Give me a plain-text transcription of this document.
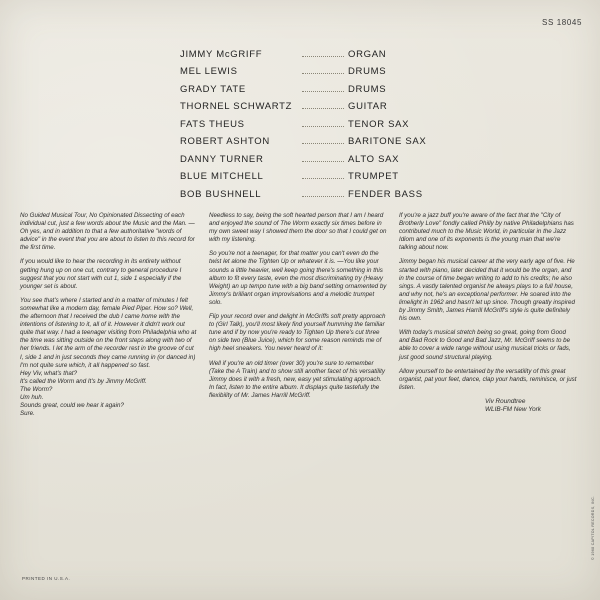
SS 18045
JIMMY McGRIFF	ORGAN
MEL LEWIS	DRUMS
GRADY TATE	DRUMS
THORNEL SCHWARTZ	GUITAR
FATS THEUS	TENOR SAX
ROBERT ASHTON	BARITONE SAX
DANNY TURNER	ALTO SAX
BLUE MITCHELL	TRUMPET
BOB BUSHNELL	FENDER BASS

No Guided Musical Tour, No Opinionated Dissecting of each individual cut, just a few words about the Music and the Man. — Oh yes, and in addition to that a few authoritative "words of advice" in the event that you are about to listen to this record for the first time.

If you would like to hear the recording in its entirety without getting hung up on one cut, contrary to general procedure I suggest that you not start with cut 1, side 1 especially if the younger set is about.

You see that's where I started and in a matter of minutes I felt somewhat like a modern day, female Pied Piper. How so? Well, the afternoon that I received the dub I came home with the intentions of listening to it, all of it. However it didn't work out quite that way. I had a teenager visiting from Philadelphia who at the time was sitting outside on the front steps along with two of her friends. I let the arm of the recorder rest in the groove of cut I, side 1 and in just seconds they came running in (or danced in) I'm not quite sure which, it all happened so fast.

Hey Viv, what's that?
It's called the Worm and It's by Jimmy McGriff.
The Worm?
Um huh.
Sounds great, could we hear it again?
Sure.

Needless to say, being the soft hearted person that I am I heard and enjoyed the sound of The Worm exactly six times before in my own sweet way I showed them the door so that I could get on with my listening.

So you're not a teenager, for that matter you can't even do the twist let alone the Tighten Up or whatever it is. —You like your sounds a little heavier, well keep going there's something in this album to fit every taste, even the most discriminating try (Heavy Weight) an up tempo tune with a big band setting ornamented by Jimmy's brilliant organ improvisations and a melodic trumpet solo.

Flip your record over and delight in McGriffs soft pretty approach to (Girl Talk), you'll most likely find yourself humming the familiar tune and if by now you're ready to Tighten Up there's cut three on side two (Blue Juice), which for some reason reminds me of high heel sneakers. You never heard of it:

Well if you're an old timer (over 30) you're sure to remember (Take the A Train) and to show still another facet of his versatility Jimmy does it with a fresh, new, easy yet stimulating approach. In fact, listen to the entire album. It displays quite tastefully the flexibility of Mr. James Harrill McGriff.

If you're a jazz buff you're aware of the fact that the "City of Brotherly Love" fondly called Philly by native Philadelphians has contributed much to the Music World, in particular in the Jazz Idiom and one of its exponents is the young man that we're talking about now.

Jimmy began his musical career at the very early age of five. He started with piano, later decided that it would be the organ, and in the course of time began writing to add to his credits; he also sings. A vastly talented organist he always plays to a full house, and why not, he's an exceptional performer. He soared into the limelight in 1962 and hasn't let up since. Though greatly inspired by Jimmy Smith, James Harrill McGriff's style is quite definitely his own.

With today's musical stretch being so great, going from Good and Bad Rock to Good and Bad Jazz, Mr. McGriff seems to be able to cover a wide range without using musical tricks or fads, just good sound structural playing.

Allow yourself to be entertained by the versatility of this great organist, pat your feet, dance, clap your hands, reminisce, or just listen.

Viv Roundtree
WLIB-FM New York
PRINTED IN U.S.A.
© 1968 CAPITOL RECORDS, INC.
